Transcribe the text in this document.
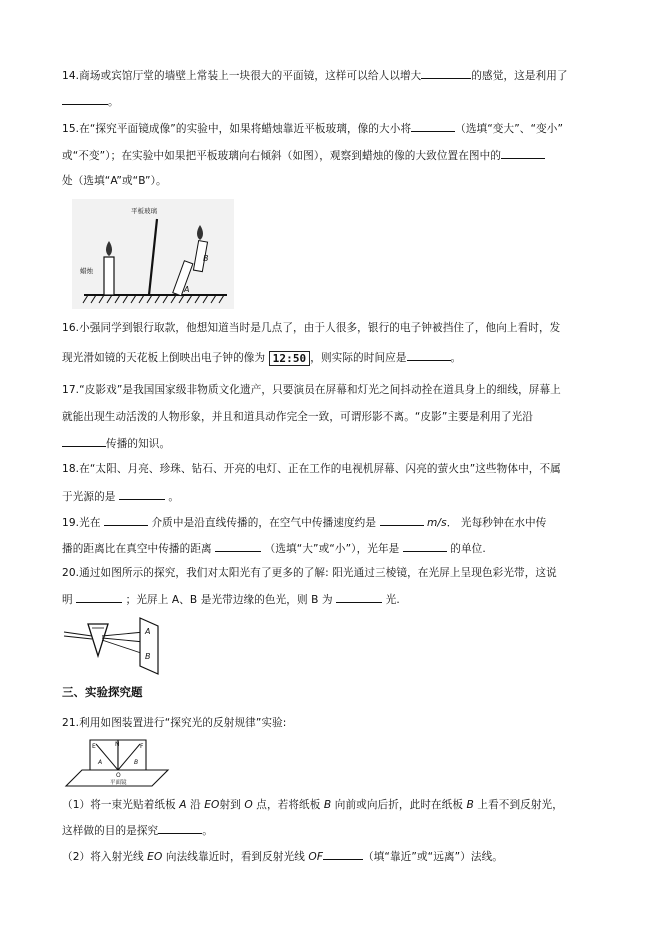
14.商场或宾馆厅堂的墙壁上常装上一块很大的平面镜，这样可以给人以增大	的感觉，这是利用了
。
15.在“探究平面镜成像”的实验中，如果将蜡烛靠近平板玻璃，像的大小将	（选填“变大”、“变小”
或“不变”）；在实验中如果把平板玻璃向右倾斜（如图），观察到蜡烛的像的大致位置在图中的
处（选填“A”或“B”）。
平板玻璃
蜡烛
A
B
16.小强同学到银行取款，他想知道当时是几点了，由于人很多，银行的电子钟被挡住了，他向上看时，发
现光滑如镜的天花板上倒映出电子钟的像为 12:50 ，则实际的时间应是	。
17.“皮影戏”是我国国家级非物质文化遗产，只要演员在屏幕和灯光之间抖动拴在道具身上的细线，屏幕上
就能出现生动活泼的人物形象，并且和道具动作完全一致，可谓形影不离。“皮影”主要是利用了光沿
传播的知识。
18.在“太阳、月亮、珍珠、钻石、开亮的电灯、正在工作的电视机屏幕、闪亮的萤火虫”这些物体中，不属
于光源的是	。
19.光在	介质中是沿直线传播的，在空气中传播速度约是	m/s． 光每秒钟在水中传
播的距离比在真空中传播的距离	（选填“大”或“小”），光年是	的单位.
20.通过如图所示的探究，我们对太阳光有了更多的了解: 阳光通过三棱镜，在光屏上呈现色彩光带，这说
明	；光屏上 A、B 是光带边缘的色光，则 B 为	光.
A
B
三、实验探究题
21.利用如图装置进行“探究光的反射规律”实验:
E	N	F
A	B
O
平面镜
（1）将一束光贴着纸板 A 沿 EO射到 O 点，若将纸板 B 向前或向后折，此时在纸板 B 上看不到反射光，
这样做的目的是探究	。
（2）将入射光线 EO 向法线靠近时，看到反射光线 OF	（填“靠近”或“远离”）法线。
